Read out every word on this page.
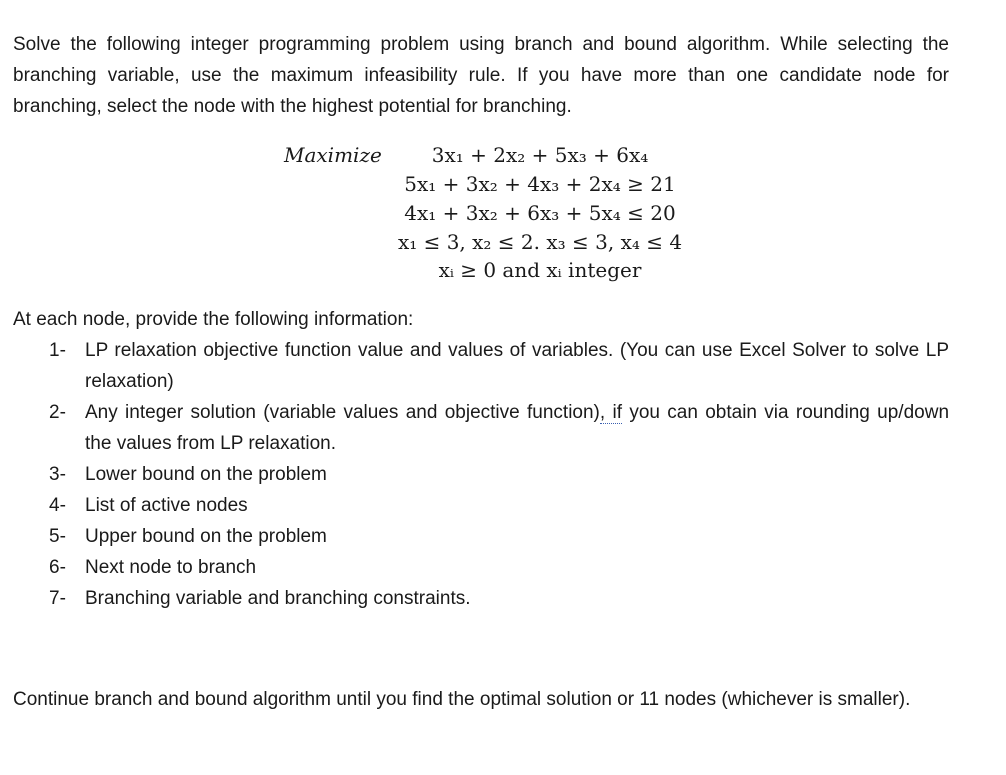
Solve the following integer programming problem using branch and bound algorithm. While selecting the branching variable, use the maximum infeasibility rule. If you have more than one candidate node for branching, select the node with the highest potential for branching.

Maximize	3x₁ + 2x₂ + 5x₃ + 6x₄
5x₁ + 3x₂ + 4x₃ + 2x₄ ≥ 21
4x₁ + 3x₂ + 6x₃ + 5x₄ ≤ 20
x₁ ≤ 3, x₂ ≤ 2. x₃ ≤ 3, x₄ ≤ 4
xᵢ ≥ 0 and xᵢ integer

At each node, provide the following information:

1- LP relaxation objective function value and values of variables. (You can use Excel Solver to solve LP relaxation)
2- Any integer solution (variable values and objective function), if you can obtain via rounding up/down the values from LP relaxation.
3- Lower bound on the problem
4- List of active nodes
5- Upper bound on the problem
6- Next node to branch
7- Branching variable and branching constraints.

Continue branch and bound algorithm until you find the optimal solution or 11 nodes (whichever is smaller).
